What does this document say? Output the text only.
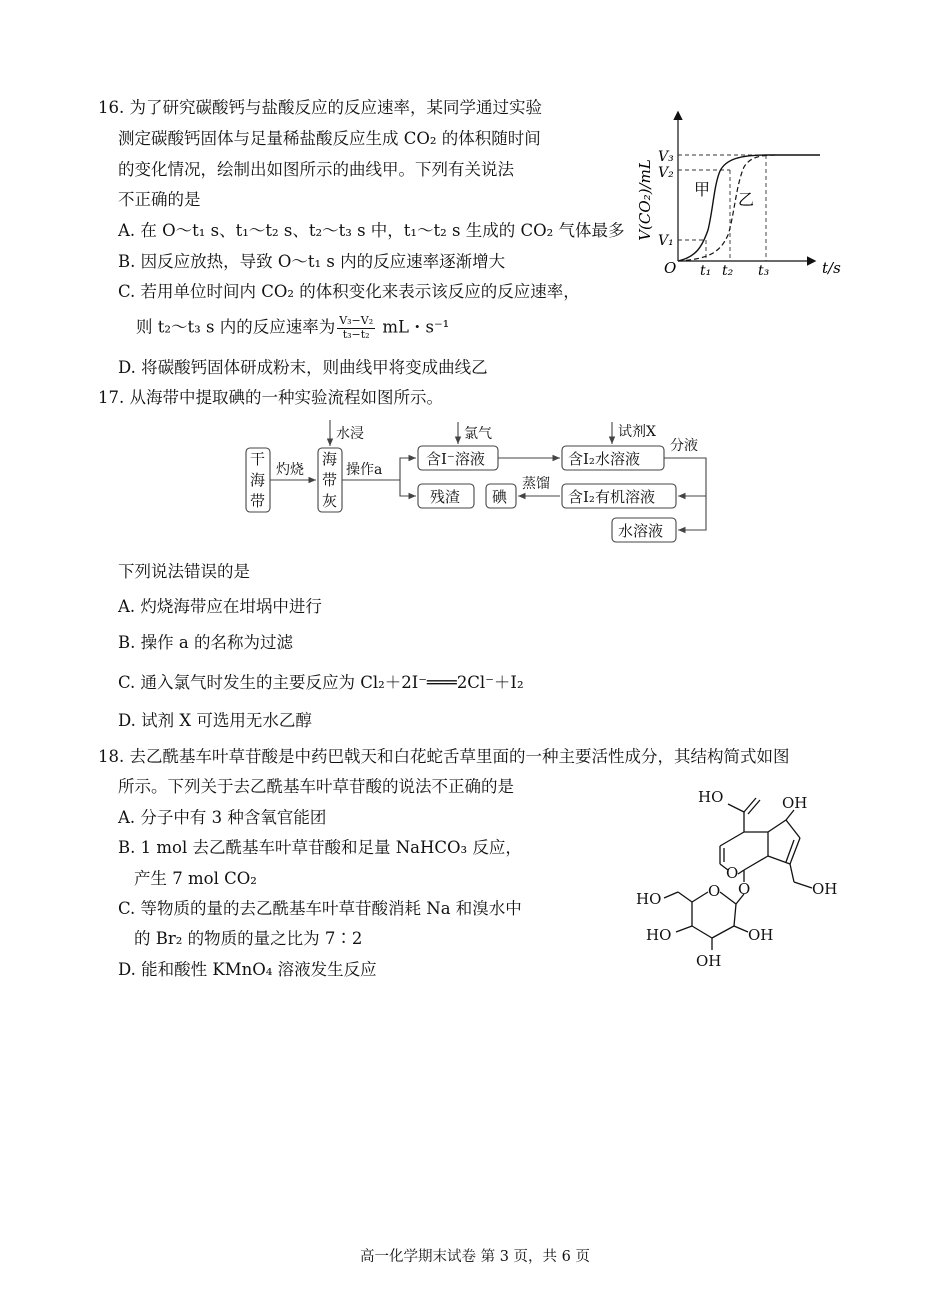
16. 为了研究碳酸钙与盐酸反应的反应速率，某同学通过实验
测定碳酸钙固体与足量稀盐酸反应生成 CO₂ 的体积随时间
的变化情况，绘制出如图所示的曲线甲。下列有关说法
不正确的是
A. 在 O～t₁ s、t₁～t₂ s、t₂～t₃ s 中，t₁～t₂ s 生成的 CO₂ 气体最多
B. 因反应放热，导致 O～t₁ s 内的反应速率逐渐增大
C. 若用单位时间内 CO₂ 的体积变化来表示该反应的反应速率，
则 t₂～t₃ s 内的反应速率为 $\frac{\text{V₃−V₂}}{\text{t₃−t₂}}$ mL・s⁻¹
D. 将碳酸钙固体研成粉末，则曲线甲将变成曲线乙
V(CO₂)/mL
V₃
V₂
V₁
O t₁ t₂ t₃	t/s
甲
乙
17. 从海带中提取碘的一种实验流程如图所示。
干
海
带
灼烧
海
带
灰
水浸
操作a
含I⁻溶液
残渣
氯气	试剂X
含I₂水溶液
分液
含I₂有机溶液
水溶液
蒸馏
碘
下列说法错误的是
A. 灼烧海带应在坩埚中进行
B. 操作 a 的名称为过滤
C. 通入氯气时发生的主要反应为 Cl₂＋2I⁻═══2Cl⁻＋I₂
D. 试剂 X 可选用无水乙醇
18. 去乙酰基车叶草苷酸是中药巴戟天和白花蛇舌草里面的一种主要活性成分，其结构简式如图
所示。下列关于去乙酰基车叶草苷酸的说法不正确的是
A. 分子中有 3 种含氧官能团
B. 1 mol 去乙酰基车叶草苷酸和足量 NaHCO₃ 反应，
产生 7 mol CO₂
C. 等物质的量的去乙酰基车叶草苷酸消耗 Na 和溴水中
的 Br₂ 的物质的量之比为 7∶2
D. 能和酸性 KMnO₄ 溶液发生反应
HO	OH
O
OH
O
O
HO
HO	OH
OH
高一化学期末试卷 第 3 页，共 6 页
